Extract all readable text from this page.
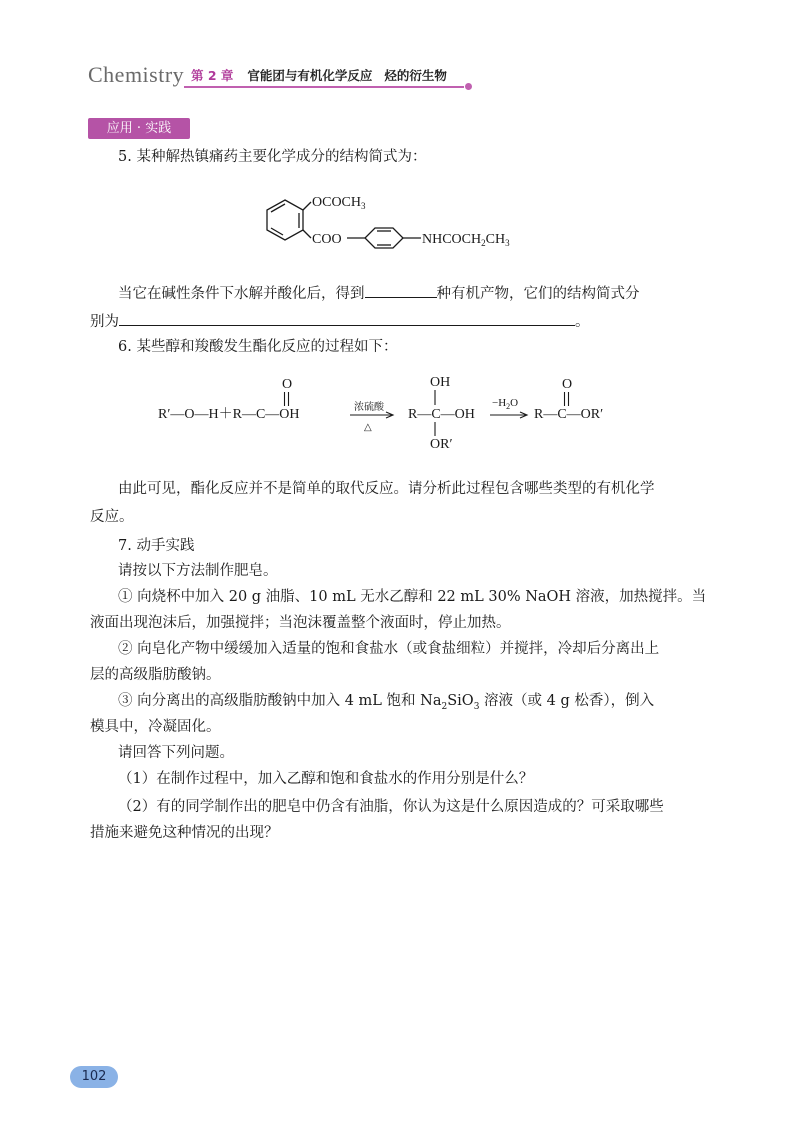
Chemistry 第 2 章 官能团与有机化学反应 烃的衍生物
应用 · 实践
5. 某种解热镇痛药主要化学成分的结构简式为：
$OCOCH_3$
COO	$NHCOCH_2CH_3$
当它在碱性条件下水解并酸化后，得到	种有机产物，它们的结构简式分
别为	。
6. 某些醇和羧酸发生酯化反应的过程如下：
R′—O—H＋R—C—OH
O
浓硫酸
△
R—C—OH
OH
OR′
$-H_2O$
R—C—OR′
O
由此可见，酯化反应并不是简单的取代反应。请分析此过程包含哪些类型的有机化学
反应。
7. 动手实践
请按以下方法制作肥皂。
① 向烧杯中加入 20 g 油脂、10 mL 无水乙醇和 22 mL 30% NaOH 溶液，加热搅拌。当
液面出现泡沫后，加强搅拌；当泡沫覆盖整个液面时，停止加热。
② 向皂化产物中缓缓加入适量的饱和食盐水（或食盐细粒）并搅拌，冷却后分离出上
层的高级脂肪酸钠。
③ 向分离出的高级脂肪酸钠中加入 4 mL 饱和 $Na_2SiO_3$ 溶液（或 4 g 松香），倒入
模具中，冷凝固化。
请回答下列问题。
（1）在制作过程中，加入乙醇和饱和食盐水的作用分别是什么？
（2）有的同学制作出的肥皂中仍含有油脂，你认为这是什么原因造成的？可采取哪些
措施来避免这种情况的出现？
102
